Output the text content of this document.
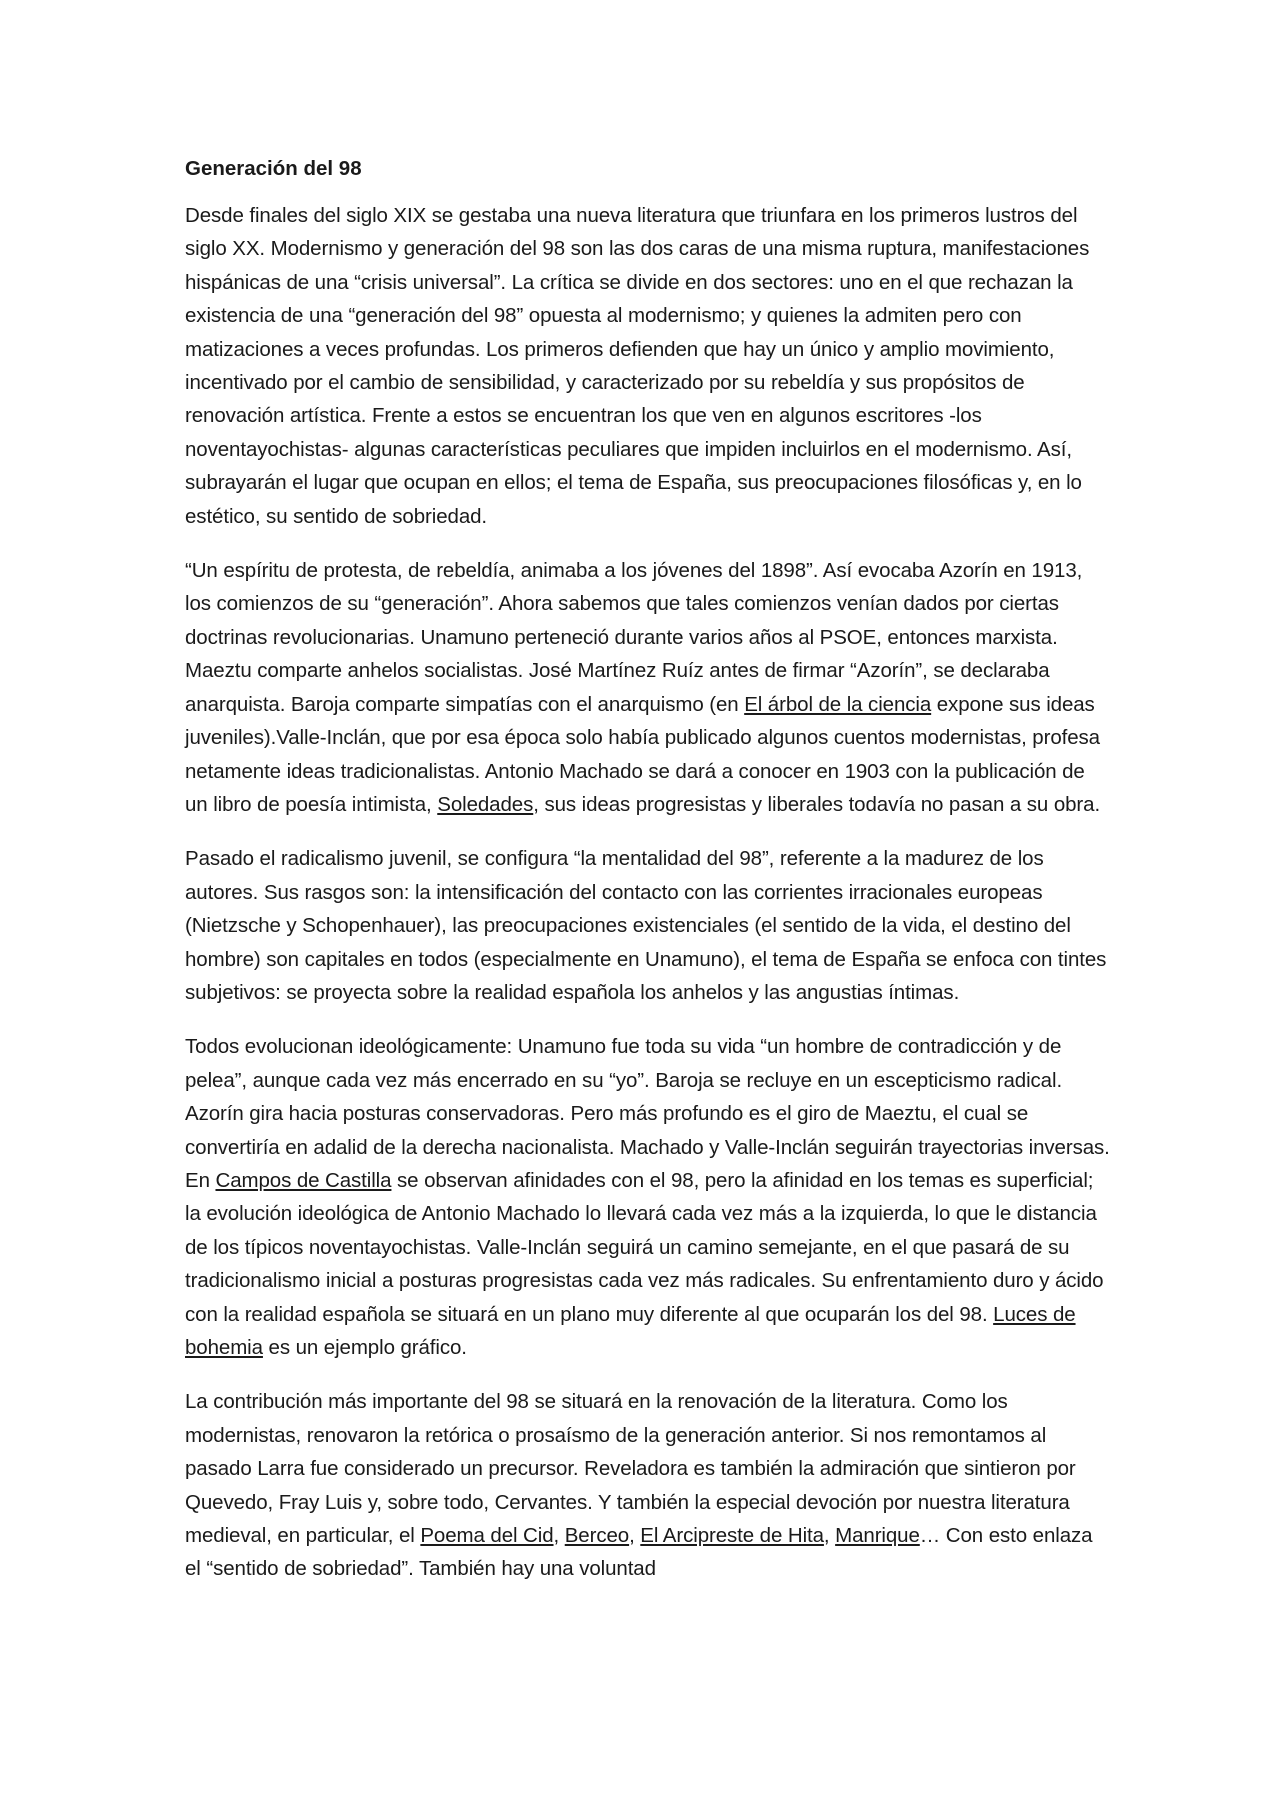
Generación del 98

Desde finales del siglo XIX se gestaba una nueva literatura que triunfara en los primeros lustros del siglo XX. Modernismo y generación del 98 son las dos caras de una misma ruptura, manifestaciones hispánicas de una “crisis universal”. La crítica se divide en dos sectores: uno en el que rechazan la existencia de una “generación del 98” opuesta al modernismo; y quienes la admiten pero con matizaciones a veces profundas. Los primeros defienden que hay un único y amplio movimiento, incentivado por el cambio de sensibilidad, y caracterizado por su rebeldía y sus propósitos de renovación artística. Frente a estos se encuentran los que ven en algunos escritores -los noventayochistas- algunas características peculiares que impiden incluirlos en el modernismo. Así, subrayarán el lugar que ocupan en ellos; el tema de España, sus preocupaciones filosóficas y, en lo estético, su sentido de sobriedad.

“Un espíritu de protesta, de rebeldía, animaba a los jóvenes del 1898”. Así evocaba Azorín en 1913, los comienzos de su “generación”. Ahora sabemos que tales comienzos venían dados por ciertas doctrinas revolucionarias. Unamuno perteneció durante varios años al PSOE, entonces marxista. Maeztu comparte anhelos socialistas. José Martínez Ruíz antes de firmar “Azorín”, se declaraba anarquista. Baroja comparte simpatías con el anarquismo (en El árbol de la ciencia expone sus ideas juveniles).Valle-Inclán, que por esa época solo había publicado algunos cuentos modernistas, profesa netamente ideas tradicionalistas. Antonio Machado se dará a conocer en 1903 con la publicación de un libro de poesía intimista, Soledades, sus ideas progresistas y liberales todavía no pasan a su obra.

Pasado el radicalismo juvenil, se configura “la mentalidad del 98”, referente a la madurez de los autores. Sus rasgos son: la intensificación del contacto con las corrientes irracionales europeas (Nietzsche y Schopenhauer), las preocupaciones existenciales (el sentido de la vida, el destino del hombre) son capitales en todos (especialmente en Unamuno), el tema de España se enfoca con tintes subjetivos: se proyecta sobre la realidad española los anhelos y las angustias íntimas.

Todos evolucionan ideológicamente: Unamuno fue toda su vida “un hombre de contradicción y de pelea”, aunque cada vez más encerrado en su “yo”. Baroja se recluye en un escepticismo radical. Azorín gira hacia posturas conservadoras. Pero más profundo es el giro de Maeztu, el cual se convertiría en adalid de la derecha nacionalista. Machado y Valle-Inclán seguirán trayectorias inversas. En Campos de Castilla se observan afinidades con el 98, pero la afinidad en los temas es superficial; la evolución ideológica de Antonio Machado lo llevará cada vez más a la izquierda, lo que le distancia de los típicos noventayochistas. Valle-Inclán seguirá un camino semejante, en el que pasará de su tradicionalismo inicial a posturas progresistas cada vez más radicales. Su enfrentamiento duro y ácido con la realidad española se situará en un plano muy diferente al que ocuparán los del 98. Luces de bohemia es un ejemplo gráfico.

La contribución más importante del 98 se situará en la renovación de la literatura. Como los modernistas, renovaron la retórica o prosaísmo de la generación anterior. Si nos remontamos al pasado Larra fue considerado un precursor. Reveladora es también la admiración que sintieron por Quevedo, Fray Luis y, sobre todo, Cervantes. Y también la especial devoción por nuestra literatura medieval, en particular, el Poema del Cid, Berceo, El Arcipreste de Hita, Manrique… Con esto enlaza el “sentido de sobriedad”. También hay una voluntad
